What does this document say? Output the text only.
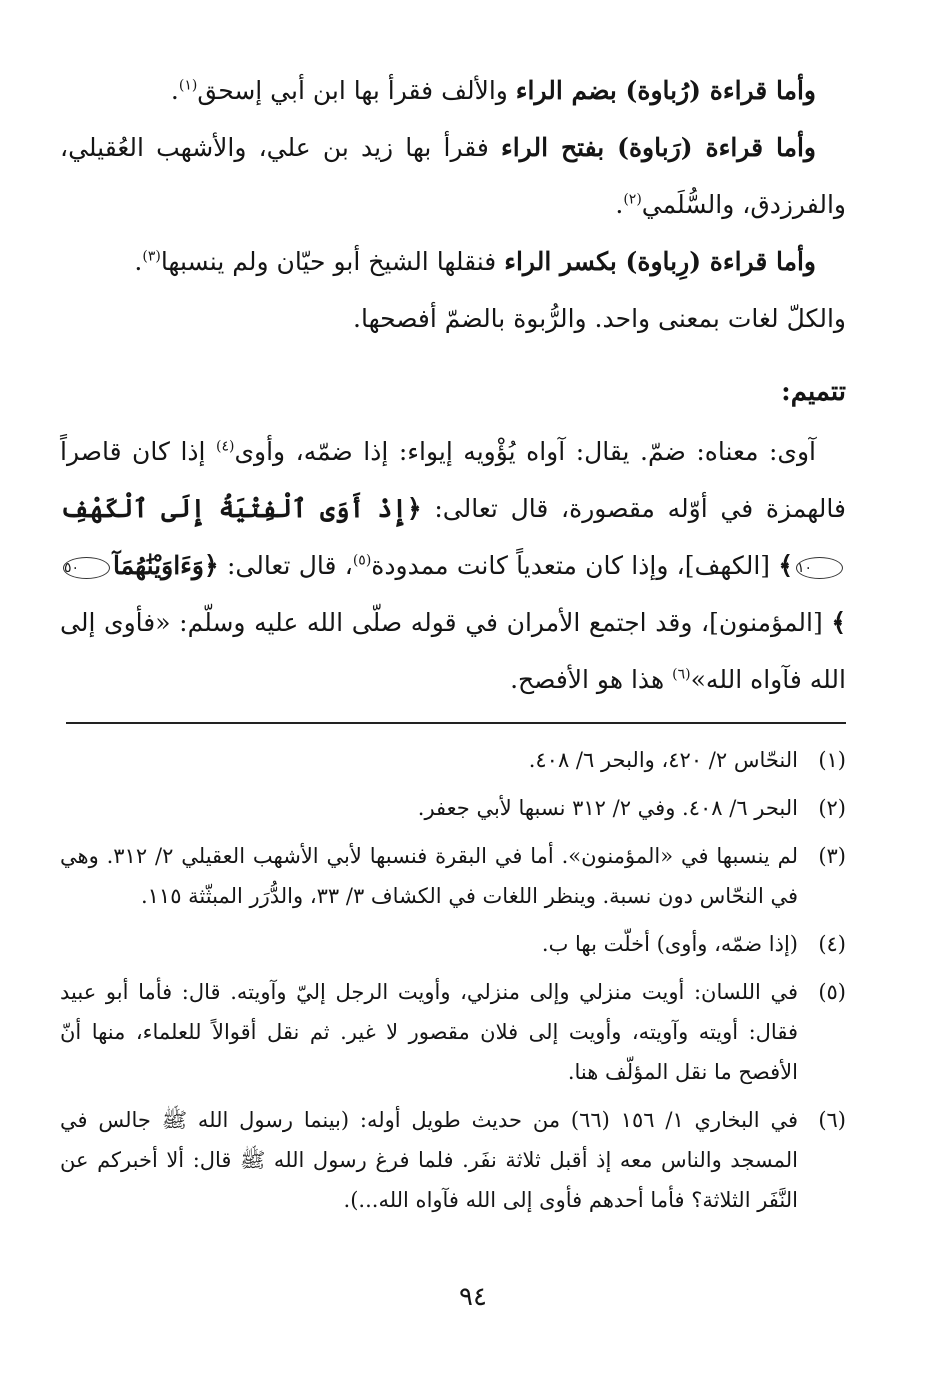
وأما قراءة (رُباوة) بضم الراء والألف فقرأ بها ابن أبي إسحق$^{(١)}$.

وأما قراءة (رَباوة) بفتح الراء فقرأ بها زيد بن علي، والأشهب العُقيلي، والفرزدق، والسُّلَمي$^{(٢)}$.

وأما قراءة (رِباوة) بكسر الراء فنقلها الشيخ أبو حيّان ولم ينسبها$^{(٣)}$.

والكلّ لغات بمعنى واحد. والرُّبوة بالضمّ أفصحها.

تتميم:

آوى: معناه: ضمّ. يقال: آواه يُؤْويه إيواء: إذا ضمّه، وأوى$^{(٤)}$ إذا كان قاصراً فالهمزة في أوّله مقصورة، قال تعالى: ﴿إِذْ أَوَى ٱلْفِتْيَةُ إِلَى ٱلْكَهْفِ١٠﴾ [الكهف]، وإذا كان متعدياً كانت ممدودة$^{(٥)}$، قال تعالى: ﴿وَءَاوَيْنَٰهُمَآ٥٠﴾ [المؤمنون]، وقد اجتمع الأمران في قوله صلّى الله عليه وسلّم: «فأوى إلى الله فآواه الله»$^{(٦)}$ هذا هو الأفصح.

(١)
النحّاس ٢/ ٤٢٠، والبحر ٦/ ٤٠٨.
(٢)
البحر ٦/ ٤٠٨. وفي ٢/ ٣١٢ نسبها لأبي جعفر.
(٣)
لم ينسبها في «المؤمنون». أما في البقرة فنسبها لأبي الأشهب العقيلي ٢/ ٣١٢. وهي في النحّاس دون نسبة. وينظر اللغات في الكشاف ٣/ ٣٣، والدُّرَر المبثّثة ١١٥.
(٤)
(إذا ضمّه، وأوى) أخلّت بها ب.
(٥)
في اللسان: أويت منزلي وإلى منزلي، وأويت الرجل إليّ وآويته. قال: فأما أبو عبيد فقال: أويته وآويته، وأويت إلى فلان مقصور لا غير. ثم نقل أقوالاً للعلماء، منها أنّ الأفصح ما نقل المؤلّف هنا.
(٦)
في البخاري ١/ ١٥٦ (٦٦) من حديث طويل أوله: (بينما رسول الله ﷺ جالس في المسجد والناس معه إذ أقبل ثلاثة نفَر. فلما فرغ رسول الله ﷺ قال: ألا أخبركم عن النَّفَر الثلاثة؟ فأما أحدهم فأوى إلى الله فآواه الله...).
٩٤
